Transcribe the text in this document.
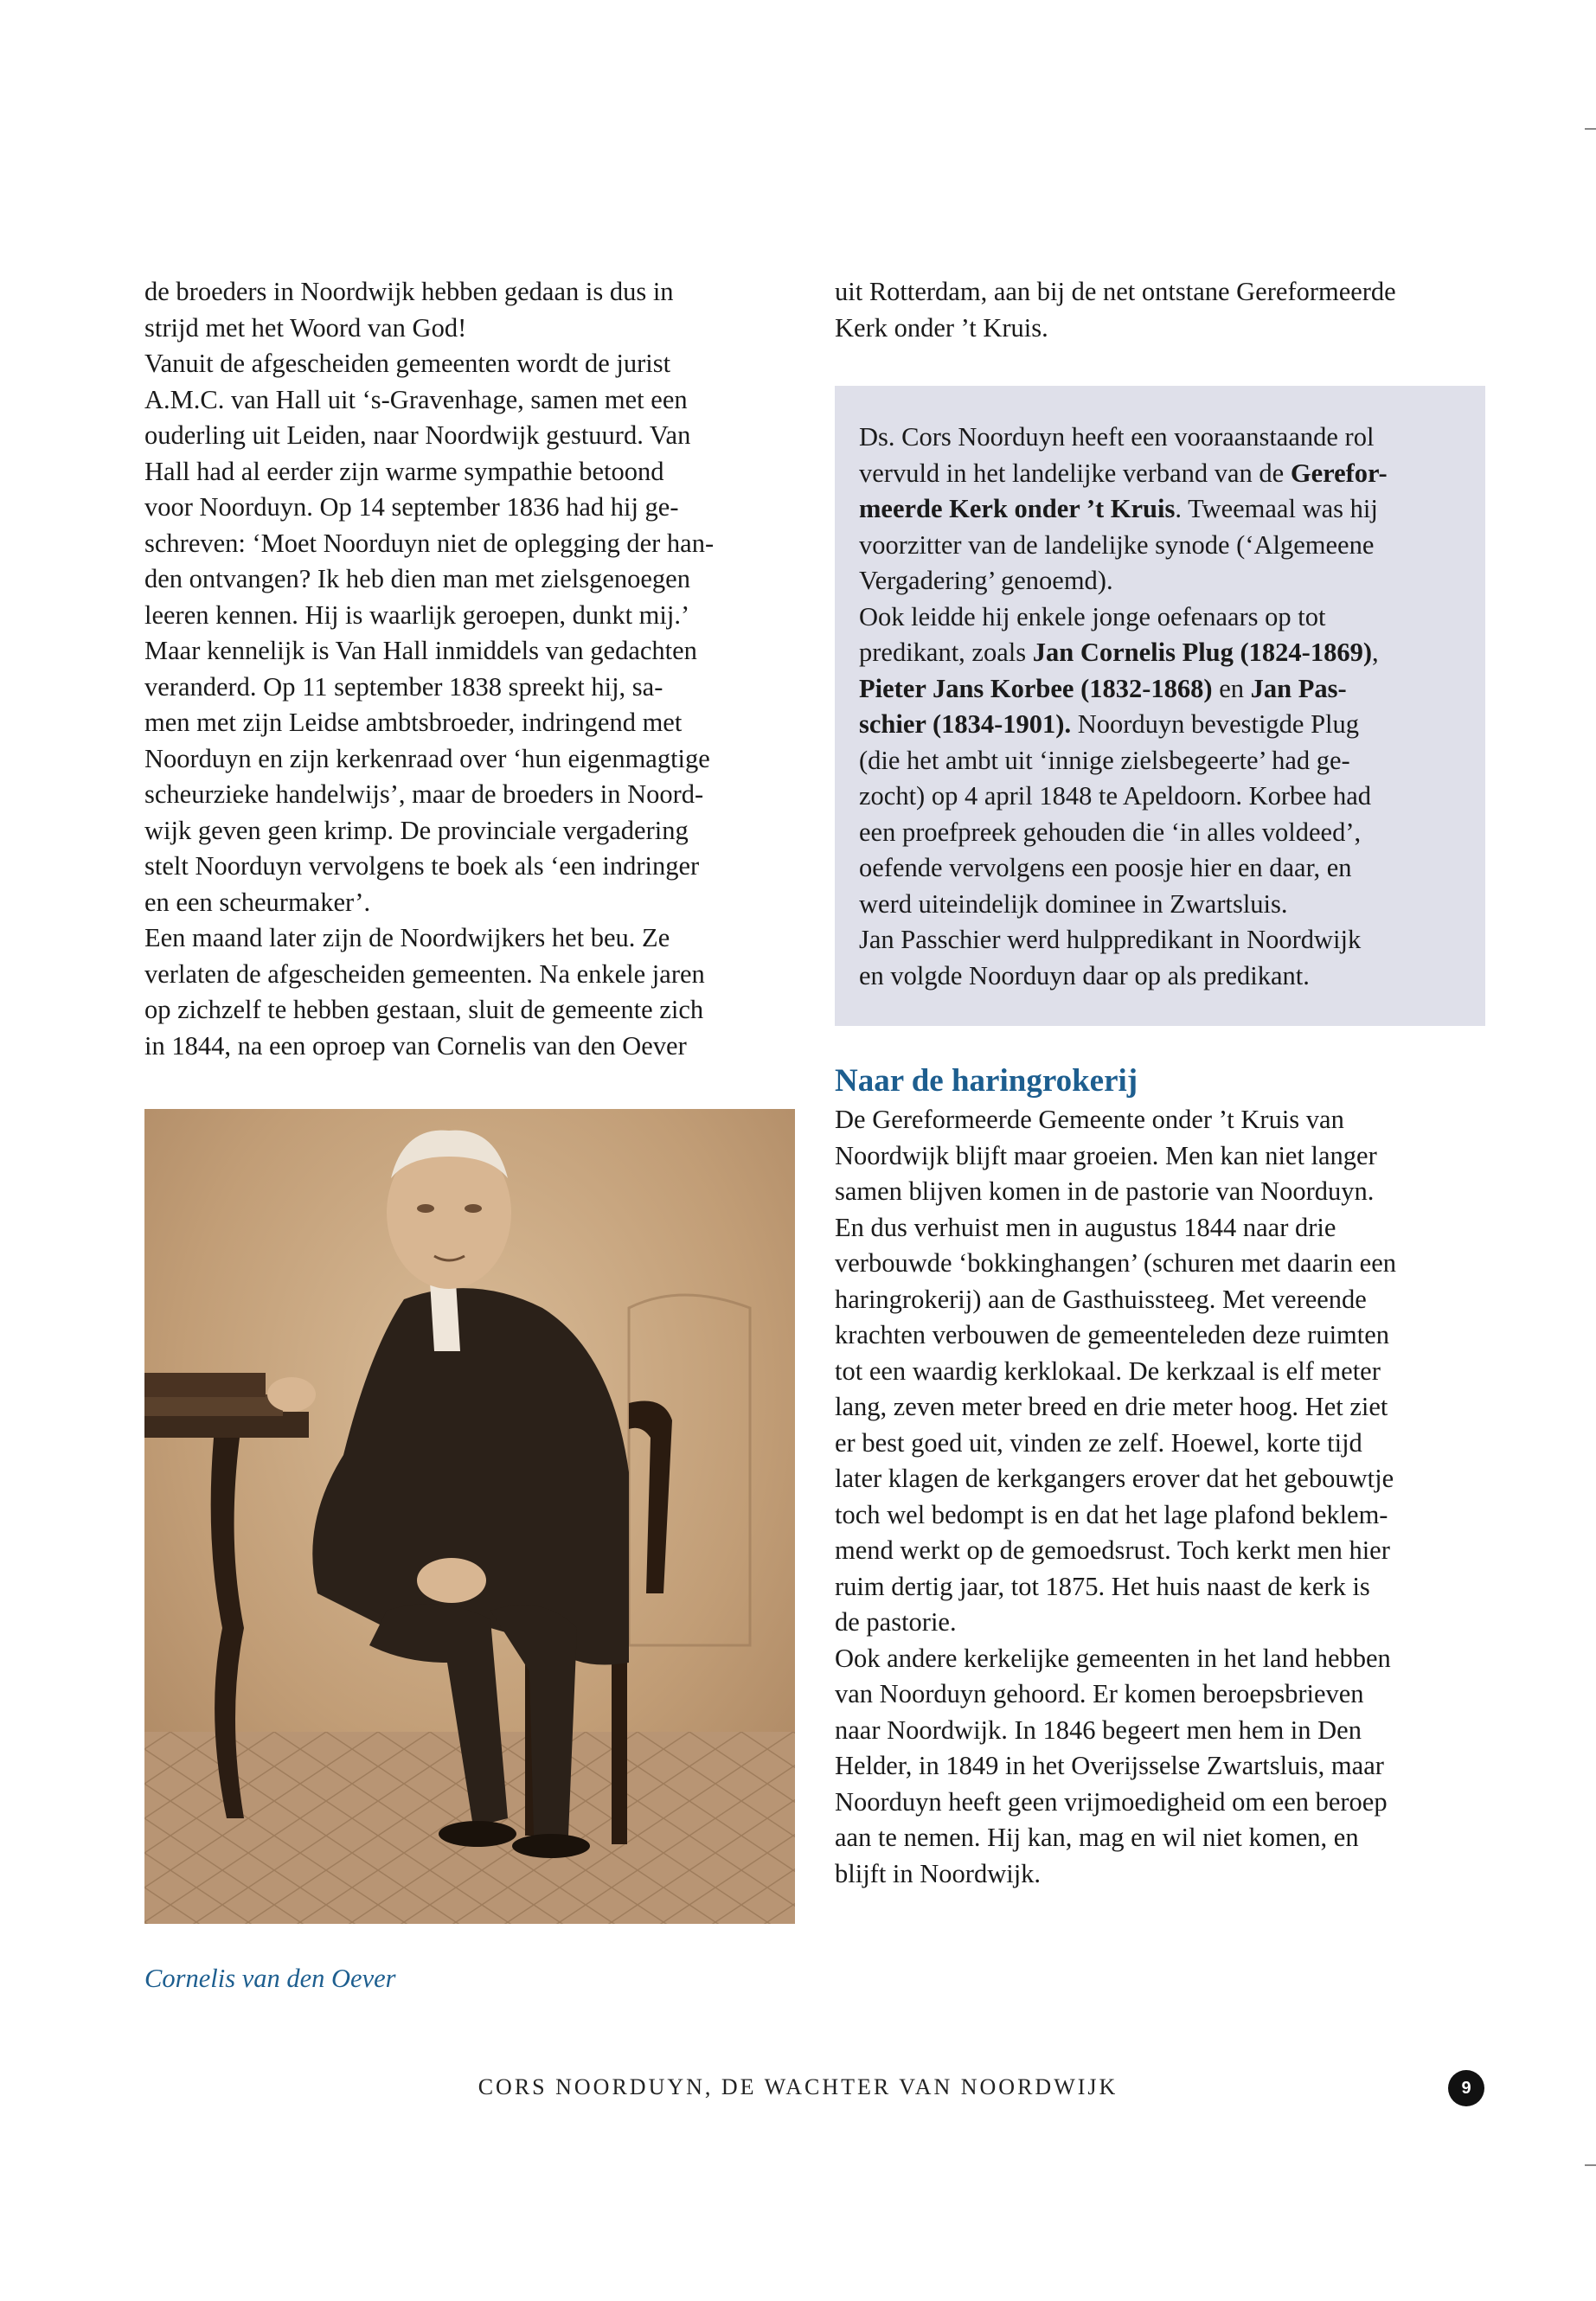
de broeders in Noordwijk hebben gedaan is dus in

strijd met het Woord van God!

Vanuit de afgescheiden gemeenten wordt de jurist

A.M.C. van Hall uit ‘s-Gravenhage, samen met een

ouderling uit Leiden, naar Noordwijk gestuurd. Van

Hall had al eerder zijn warme sympathie betoond

voor Noorduyn. Op 14 september 1836 had hij ge-

schreven: ‘Moet Noorduyn niet de oplegging der han-

den ontvangen? Ik heb dien man met zielsgenoegen

leeren kennen. Hij is waarlijk geroepen, dunkt mij.’

Maar kennelijk is Van Hall inmiddels van gedachten

veranderd. Op 11 september 1838 spreekt hij, sa-

men met zijn Leidse ambtsbroeder, indringend met

Noorduyn en zijn kerkenraad over ‘hun eigenmagtige

scheurzieke handelwijs’, maar de broeders in Noord-

wijk geven geen krimp. De provinciale vergadering

stelt Noorduyn vervolgens te boek als ‘een indringer

en een scheurmaker’.

Een maand later zijn de Noordwijkers het beu. Ze

verlaten de afgescheiden gemeenten. Na enkele jaren

op zichzelf te hebben gestaan, sluit de gemeente zich

in 1844, na een oproep van Cornelis van den Oever

uit Rotterdam, aan bij de net ontstane Gereformeerde

Kerk onder ’t Kruis.

Ds. Cors Noorduyn heeft een vooraanstaande rol

vervuld in het landelijke verband van de Gerefor-

meerde Kerk onder ’t Kruis. Tweemaal was hij

voorzitter van de landelijke synode (‘Algemeene

Vergadering’ genoemd).

Ook leidde hij enkele jonge oefenaars op tot

predikant, zoals Jan Cornelis Plug (1824-1869),

Pieter Jans Korbee (1832-1868) en Jan Pas-

schier (1834-1901). Noorduyn bevestigde Plug

(die het ambt uit ‘innige zielsbegeerte’ had ge-

zocht) op 4 april 1848 te Apeldoorn. Korbee had

een proefpreek gehouden die ‘in alles voldeed’,

oefende vervolgens een poosje hier en daar, en

werd uiteindelijk dominee in Zwartsluis.

Jan Passchier werd hulppredikant in Noordwijk

en volgde Noorduyn daar op als predikant.

Naar de haringrokerij

De Gereformeerde Gemeente onder ’t Kruis van

Noordwijk blijft maar groeien. Men kan niet langer

samen blijven komen in de pastorie van Noorduyn.

En dus verhuist men in augustus 1844 naar drie

verbouwde ‘bokkinghangen’ (schuren met daarin een

haringrokerij) aan de Gasthuissteeg. Met vereende

krachten verbouwen de gemeenteleden deze ruimten

tot een waardig kerklokaal. De kerkzaal is elf meter

lang, zeven meter breed en drie meter hoog. Het ziet

er best goed uit, vinden ze zelf. Hoewel, korte tijd

later klagen de kerkgangers erover dat het gebouwtje

toch wel bedompt is en dat het lage plafond beklem-

mend werkt op de gemoedsrust. Toch kerkt men hier

ruim dertig jaar, tot 1875. Het huis naast de kerk is

de pastorie.

Ook andere kerkelijke gemeenten in het land hebben

van Noorduyn gehoord. Er komen beroepsbrieven

naar Noordwijk. In 1846 begeert men hem in Den

Helder, in 1849 in het Overijsselse Zwartsluis, maar

Noorduyn heeft geen vrijmoedigheid om een beroep

aan te nemen. Hij kan, mag en wil niet komen, en

blijft in Noordwijk.

Cornelis van den Oever

CORS NOORDUYN, DE WACHTER VAN NOORDWIJK	9
